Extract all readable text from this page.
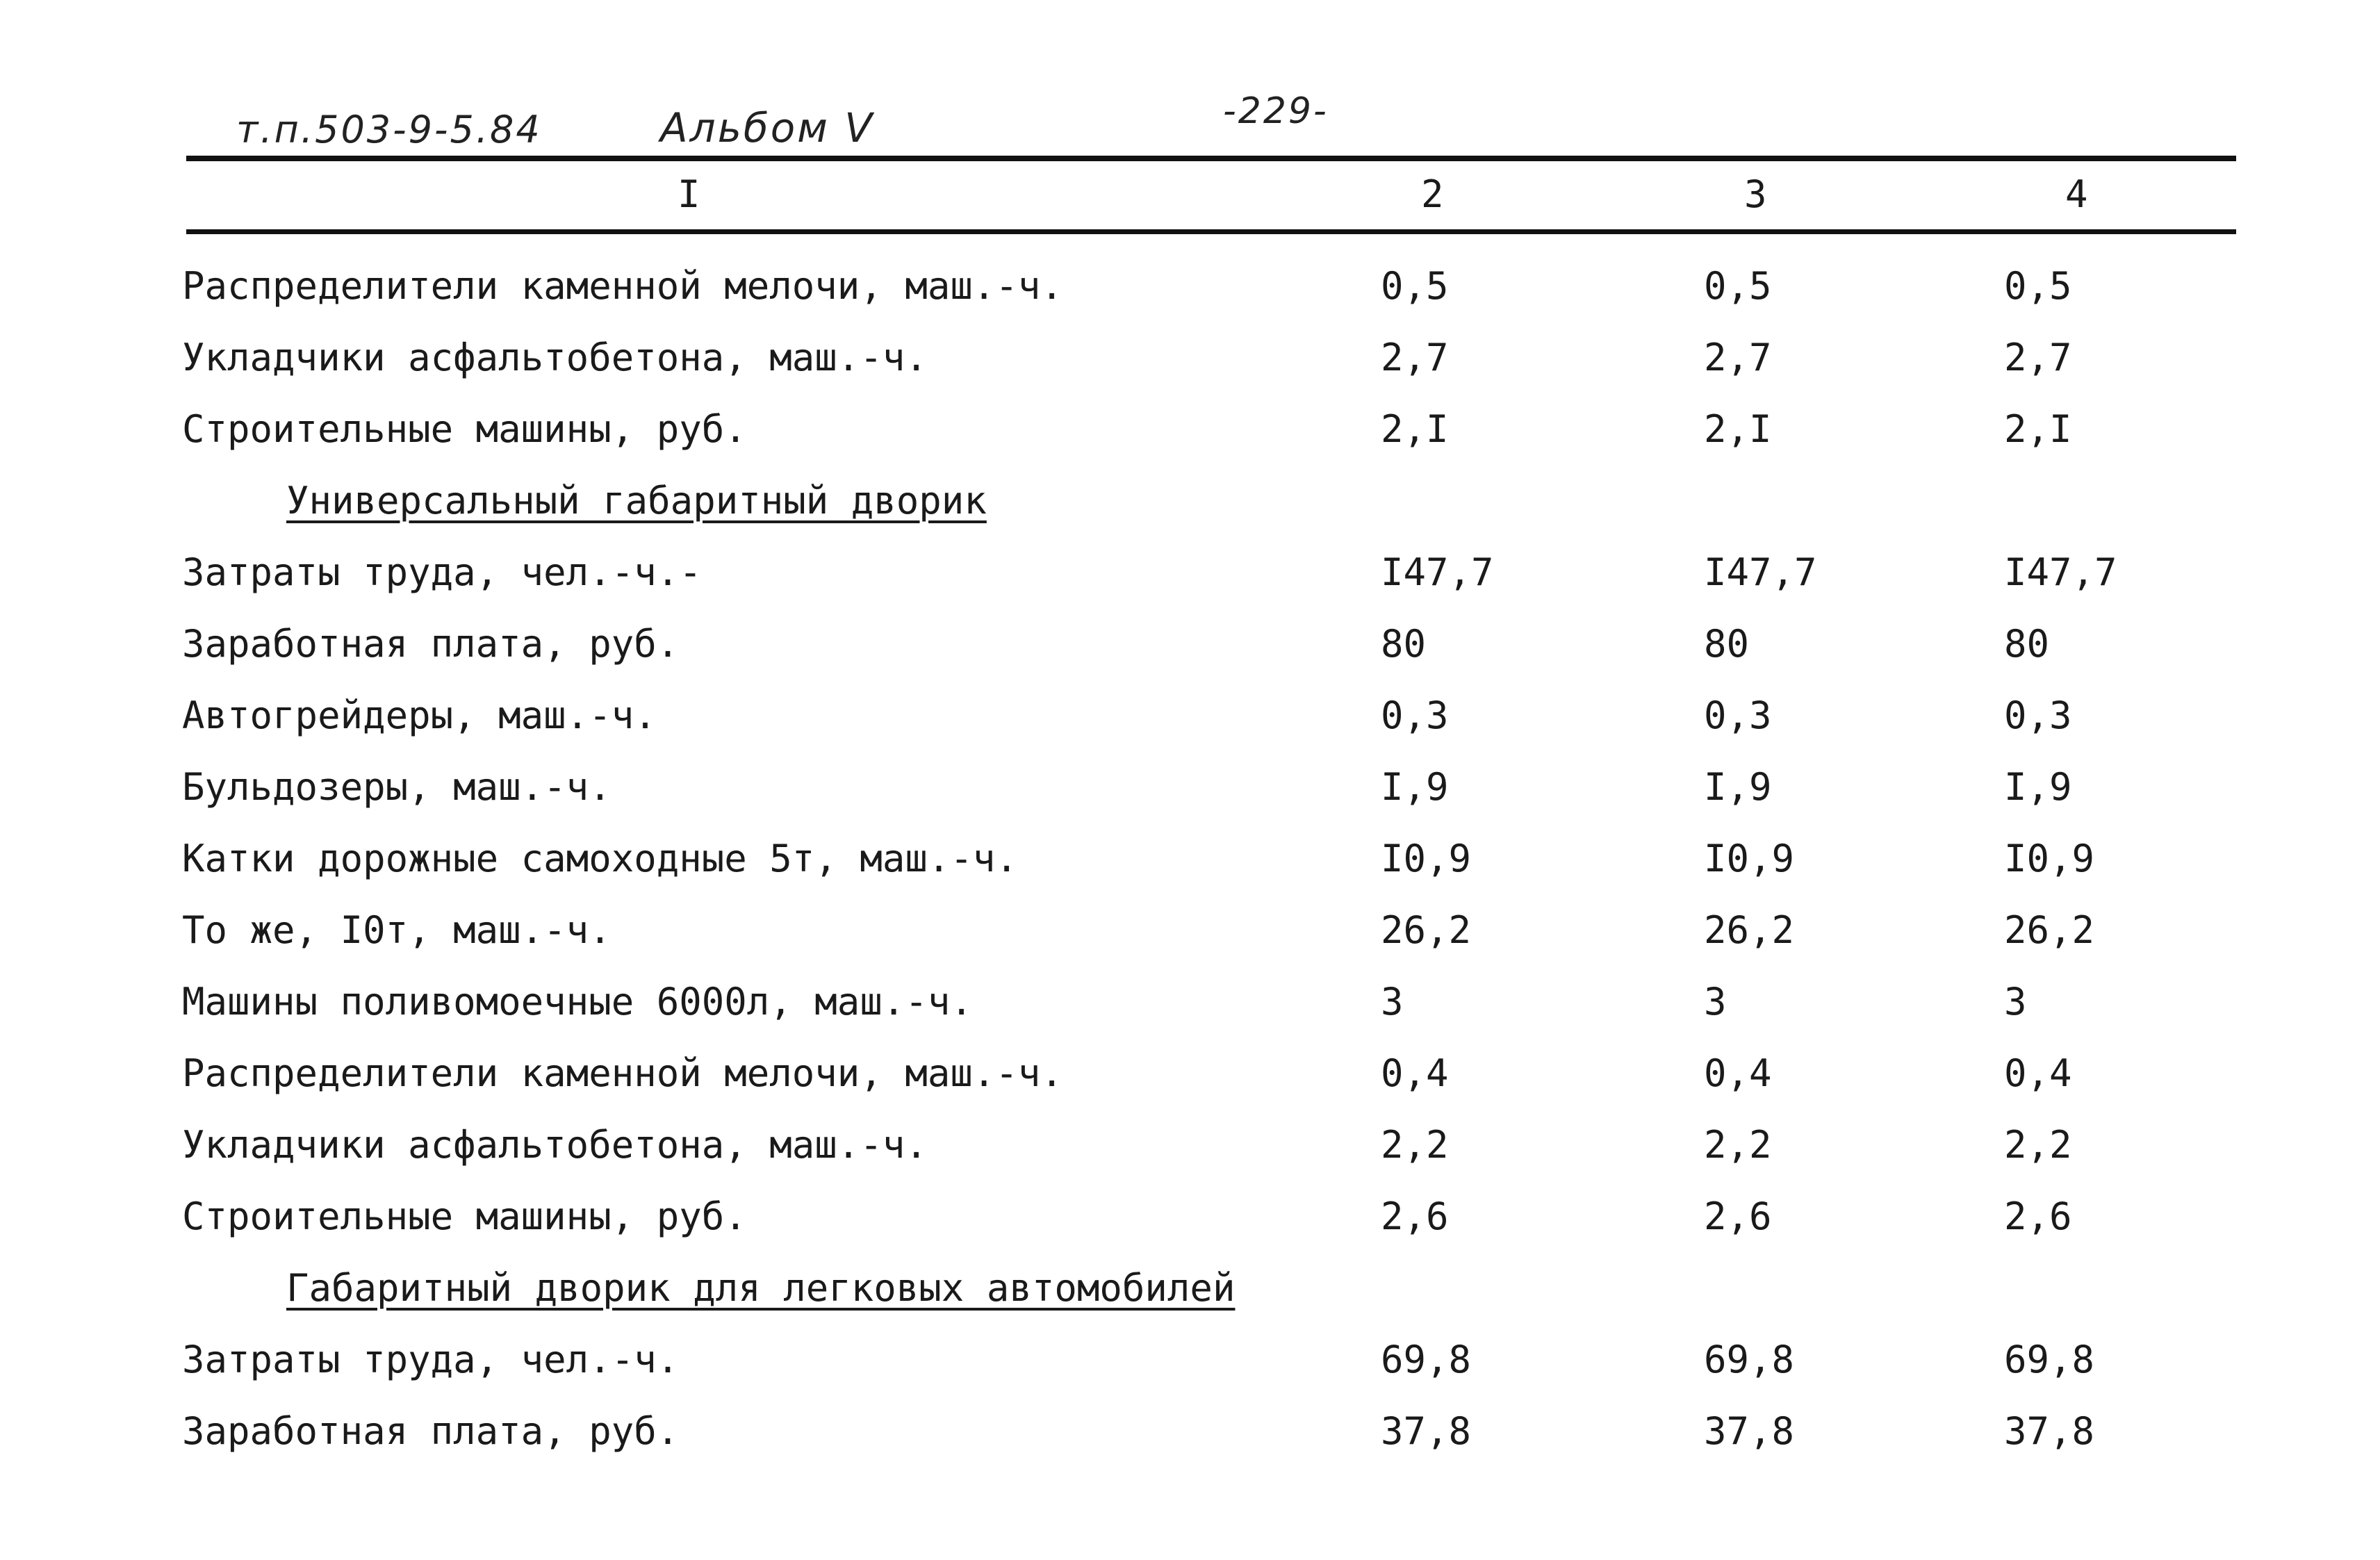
т.п.503-9-5.84	Альбом V	-229-
I	2	3	4
Распределители каменной мелочи, маш.-ч.	0,5	0,5	0,5
Укладчики асфальтобетона, маш.-ч.	2,7	2,7	2,7
Строительные машины, руб.	2,I	2,I	2,I
Универсальный габаритный дворик
Затраты труда, чел.-ч.-	I47,7	I47,7	I47,7
Заработная плата, руб.	80	80	80
Автогрейдеры, маш.-ч.	0,3	0,3	0,3
Бульдозеры, маш.-ч.	I,9	I,9	I,9
Катки дорожные самоходные 5т, маш.-ч.	I0,9	I0,9	I0,9
То же, I0т, маш.-ч.	26,2	26,2	26,2
Машины поливомоечные 6000л, маш.-ч.	3	3	3
Распределители каменной мелочи, маш.-ч.	0,4	0,4	0,4
Укладчики асфальтобетона, маш.-ч.	2,2	2,2	2,2
Строительные машины, руб.	2,6	2,6	2,6
Габаритный дворик для легковых автомобилей
Затраты труда, чел.-ч.	69,8	69,8	69,8
Заработная плата, руб.	37,8	37,8	37,8
